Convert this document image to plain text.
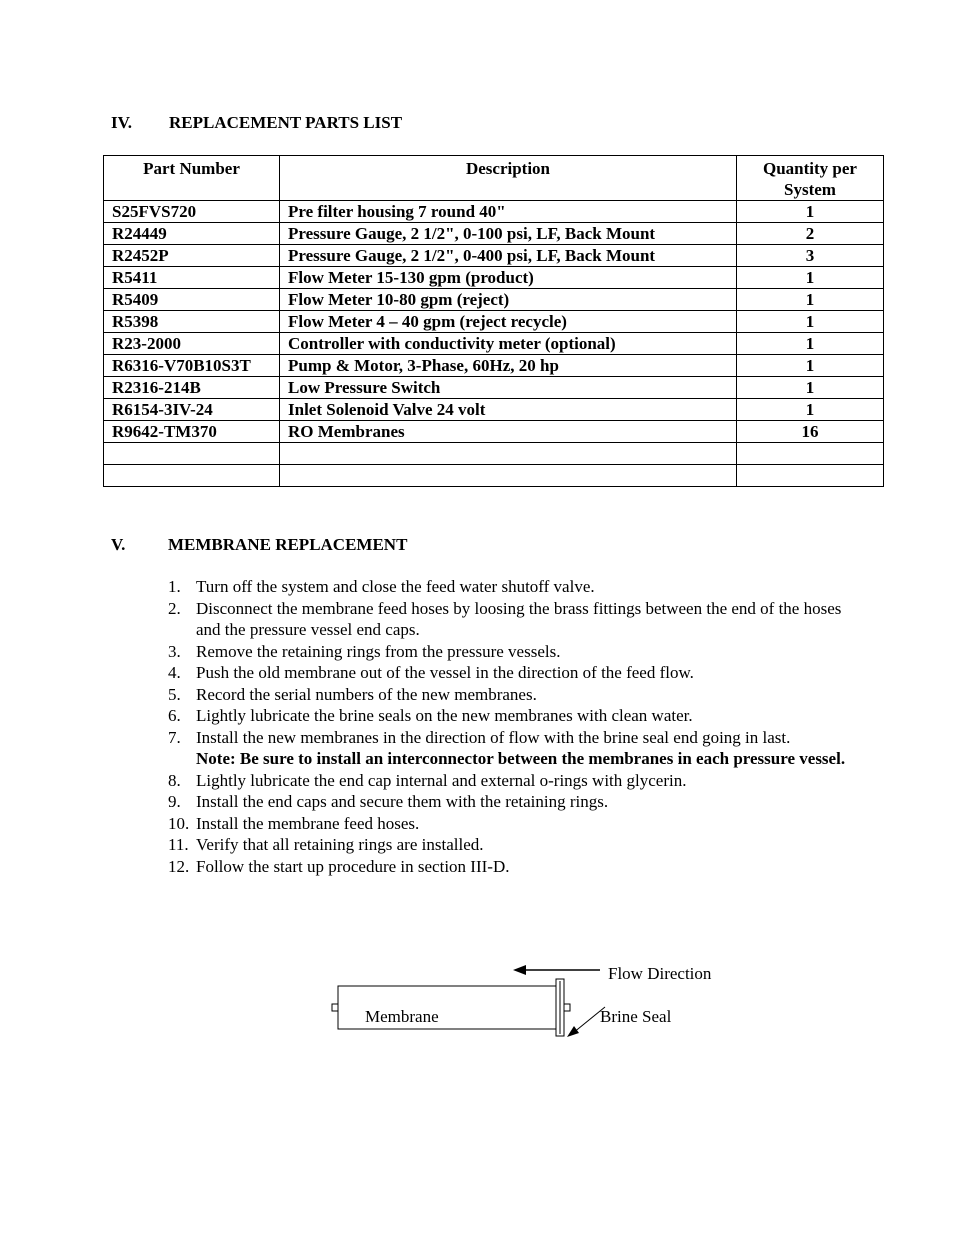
IV. REPLACEMENT PARTS LIST
Part Number	Description	Quantity per System
S25FVS720	Pre filter housing 7 round 40"	1
R24449	Pressure Gauge, 2 1/2", 0-100 psi, LF, Back Mount	2
R2452P	Pressure Gauge, 2 1/2", 0-400 psi, LF, Back Mount	3
R5411	Flow Meter 15-130 gpm (product)	1
R5409	Flow Meter 10-80 gpm (reject)	1
R5398	Flow Meter 4 – 40 gpm (reject recycle)	1
R23-2000	Controller with conductivity meter (optional)	1
R6316-V70B10S3T	Pump & Motor, 3-Phase, 60Hz, 20 hp	1
R2316-214B	Low Pressure Switch	1
R6154-3IV-24	Inlet Solenoid Valve 24 volt	1
R9642-TM370	RO Membranes	16

V.	MEMBRANE REPLACEMENT
1. Turn off the system and close the feed water shutoff valve.
2. Disconnect the membrane feed hoses by loosing the brass fittings between the end of the hoses and the pressure vessel end caps.
3. Remove the retaining rings from the pressure vessels.
4. Push the old membrane out of the vessel in the direction of the feed flow.
5. Record the serial numbers of the new membranes.
6. Lightly lubricate the brine seals on the new membranes with clean water.
7. Install the new membranes in the direction of flow with the brine seal end going in last.
Note: Be sure to install an interconnector between the membranes in each pressure vessel.
8. Lightly lubricate the end cap internal and external o-rings with glycerin.
9. Install the end caps and secure them with the retaining rings.
10. Install the membrane feed hoses.
11. Verify that all retaining rings are installed.
12. Follow the start up procedure in section III-D.
Flow Direction
Membrane	Brine Seal
